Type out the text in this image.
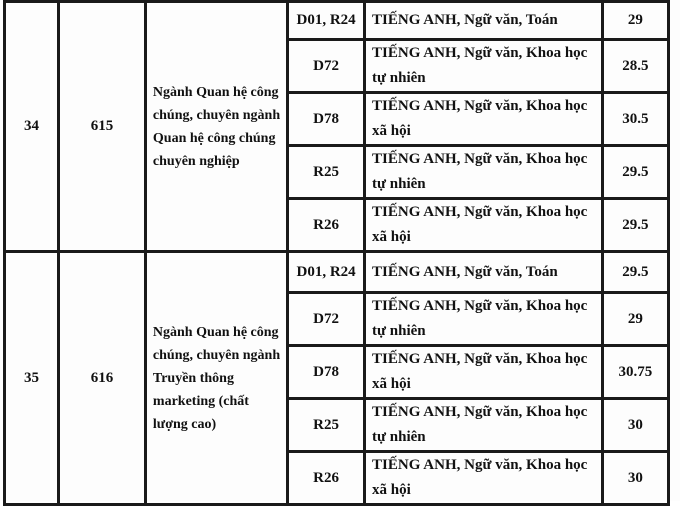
34	615	Ngành Quan hệ công chúng, chuyên ngành Quan hệ công chúng chuyên nghiệp	D01, R24	TIẾNG ANH, Ngữ văn, Toán	29
			D72	TIẾNG ANH, Ngữ văn, Khoa học tự nhiên	28.5
			D78	TIẾNG ANH, Ngữ văn, Khoa học xã hội	30.5
			R25	TIẾNG ANH, Ngữ văn, Khoa học tự nhiên	29.5
			R26	TIẾNG ANH, Ngữ văn, Khoa học xã hội	29.5
35	616	Ngành Quan hệ công chúng, chuyên ngành Truyền thông marketing (chất lượng cao)	D01, R24	TIẾNG ANH, Ngữ văn, Toán	29.5
			D72	TIẾNG ANH, Ngữ văn, Khoa học tự nhiên	29
			D78	TIẾNG ANH, Ngữ văn, Khoa học xã hội	30.75
			R25	TIẾNG ANH, Ngữ văn, Khoa học tự nhiên	30
			R26	TIẾNG ANH, Ngữ văn, Khoa học xã hội	30
